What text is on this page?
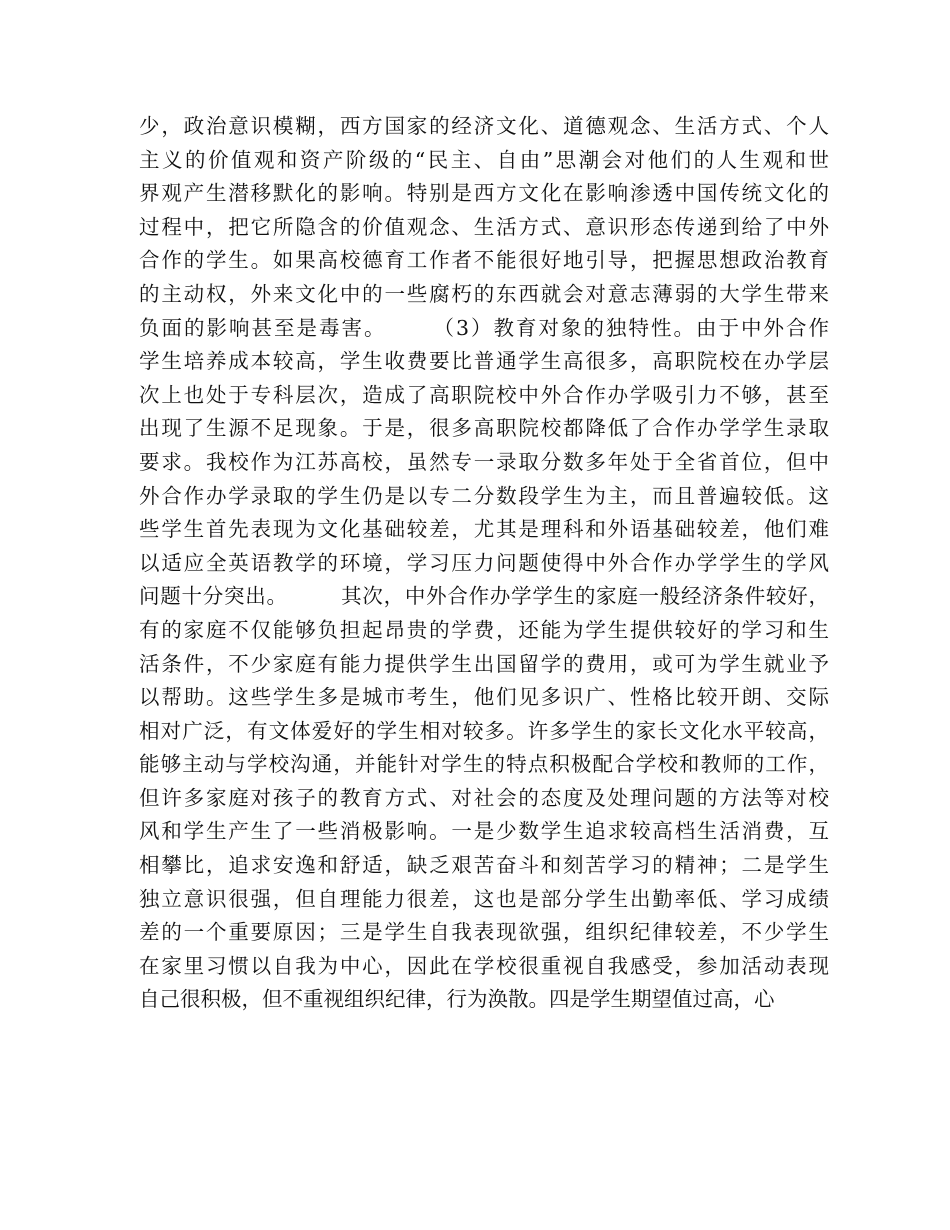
少，政治意识模糊，西方国家的经济文化、道德观念、生活方式、个人
主义的价值观和资产阶级的“民主、自由”思潮会对他们的人生观和世
界观产生潜移默化的影响。特别是西方文化在影响渗透中国传统文化的
过程中，把它所隐含的价值观念、生活方式、意识形态传递到给了中外
合作的学生。如果高校德育工作者不能很好地引导，把握思想政治教育
的主动权，外来文化中的一些腐朽的东西就会对意志薄弱的大学生带来
负面的影响甚至是毒害。　　　（3）教育对象的独特性。由于中外合作
学生培养成本较高，学生收费要比普通学生高很多，高职院校在办学层
次上也处于专科层次，造成了高职院校中外合作办学吸引力不够，甚至
出现了生源不足现象。于是，很多高职院校都降低了合作办学学生录取
要求。我校作为江苏高校，虽然专一录取分数多年处于全省首位，但中
外合作办学录取的学生仍是以专二分数段学生为主，而且普遍较低。这
些学生首先表现为文化基础较差，尤其是理科和外语基础较差，他们难
以适应全英语教学的环境，学习压力问题使得中外合作办学学生的学风
问题十分突出。　　　其次，中外合作办学学生的家庭一般经济条件较好，
有的家庭不仅能够负担起昂贵的学费，还能为学生提供较好的学习和生
活条件，不少家庭有能力提供学生出国留学的费用，或可为学生就业予
以帮助。这些学生多是城市考生，他们见多识广、性格比较开朗、交际
相对广泛，有文体爱好的学生相对较多。许多学生的家长文化水平较高，
能够主动与学校沟通，并能针对学生的特点积极配合学校和教师的工作，
但许多家庭对孩子的教育方式、对社会的态度及处理问题的方法等对校
风和学生产生了一些消极影响。一是少数学生追求较高档生活消费，互
相攀比，追求安逸和舒适，缺乏艰苦奋斗和刻苦学习的精神；二是学生
独立意识很强，但自理能力很差，这也是部分学生出勤率低、学习成绩
差的一个重要原因；三是学生自我表现欲强，组织纪律较差，不少学生
在家里习惯以自我为中心，因此在学校很重视自我感受，参加活动表现
自己很积极，但不重视组织纪律，行为涣散。四是学生期望值过高，心
